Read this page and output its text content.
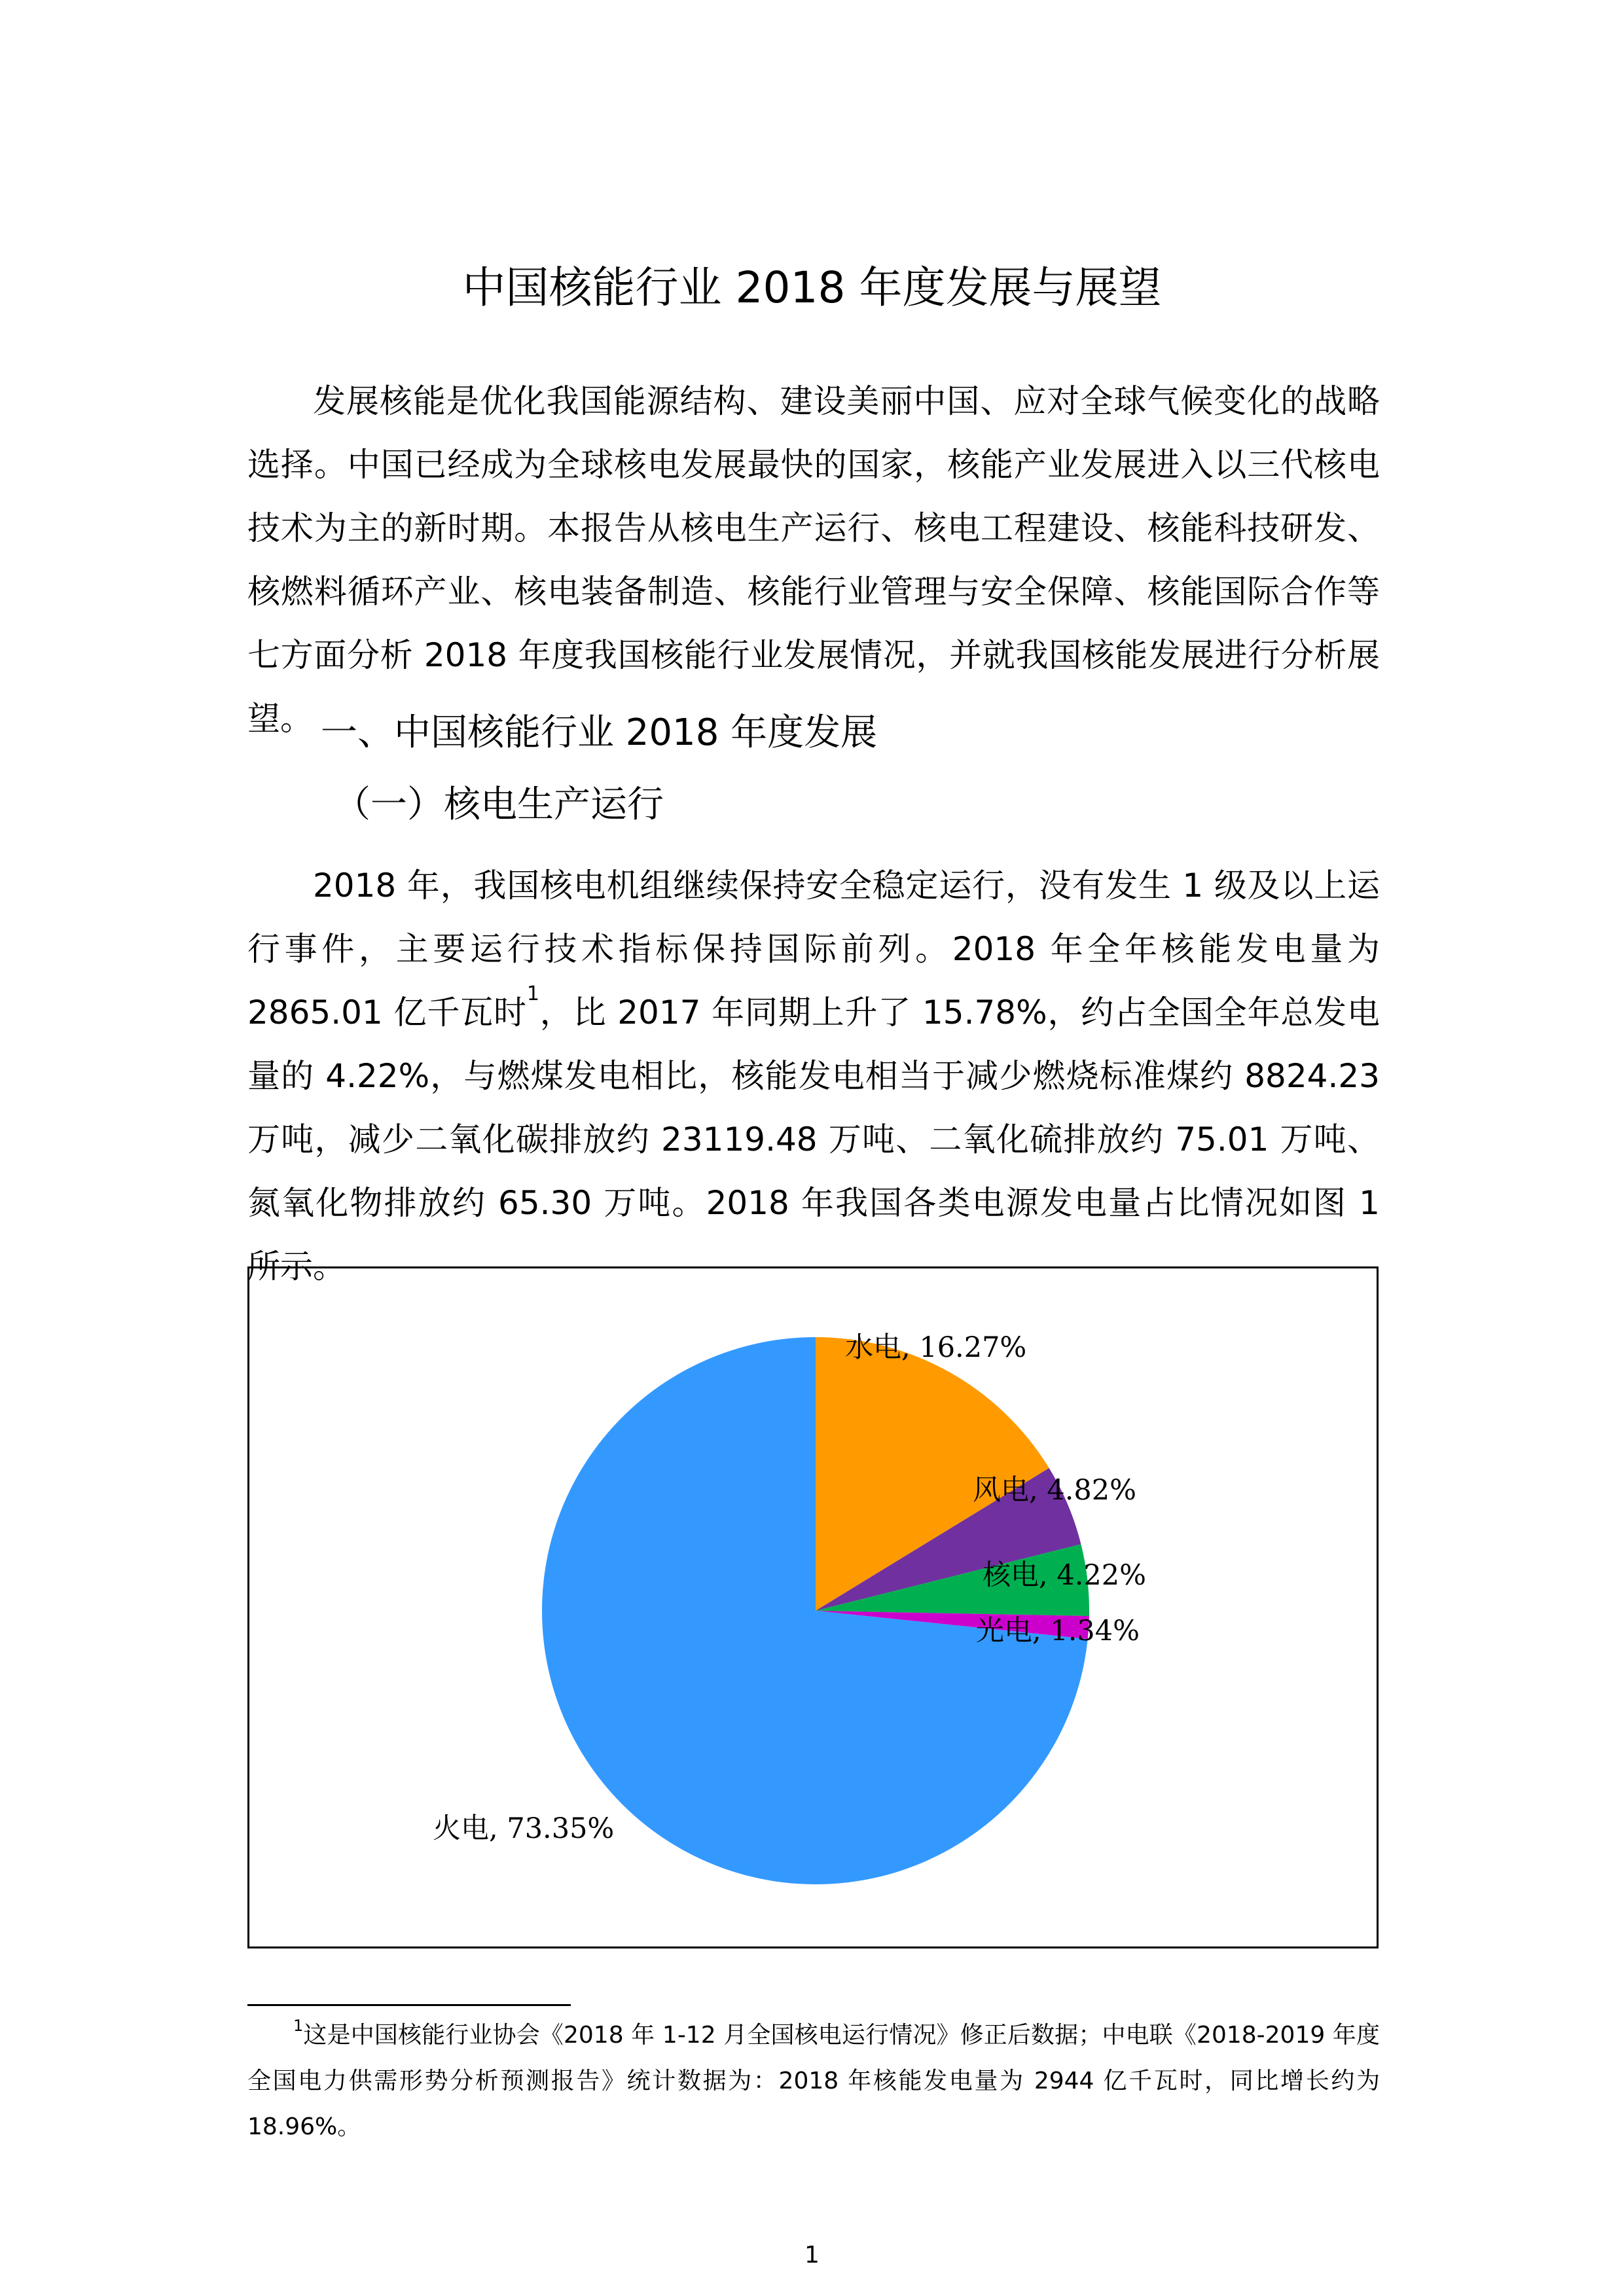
中国核能行业 2018 年度发展与展望
发展核能是优化我国能源结构、建设美丽中国、应对全球气候变化的战略选择。中国已经成为全球核电发展最快的国家，核能产业发展进入以三代核电技术为主的新时期。本报告从核电生产运行、核电工程建设、核能科技研发、核燃料循环产业、核电装备制造、核能行业管理与安全保障、核能国际合作等七方面分析 2018 年度我国核能行业发展情况，并就我国核能发展进行分析展望。 一、中国核能行业 2018 年度发展
（一）核电生产运行
2018 年，我国核电机组继续保持安全稳定运行，没有发生 1 级及以上运行事件，主要运行技术指标保持国际前列。2018 年全年核能发电量为 2865.01 亿千瓦时$^1$，比 2017 年同期上升了 15.78%，约占全国全年总发电量的 4.22%，与燃煤发电相比，核能发电相当于减少燃烧标准煤约 8824.23 万吨，减少二氧化碳排放约 23119.48 万吨、二氧化硫排放约 75.01 万吨、氮氧化物排放约 65.30 万吨。2018 年我国各类电源发电量占比情况如图 1 所示。
水电, 16.27%
风电, 4.82%
核电, 4.22%
光电, 1.34%
火电, 73.35%
$^1$这是中国核能行业协会《2018 年 1-12 月全国核电运行情况》修正后数据；中电联《2018-2019 年度全国电力供需形势分析预测报告》统计数据为：2018 年核能发电量为 2944 亿千瓦时，同比增长约为 18.96%。
1
